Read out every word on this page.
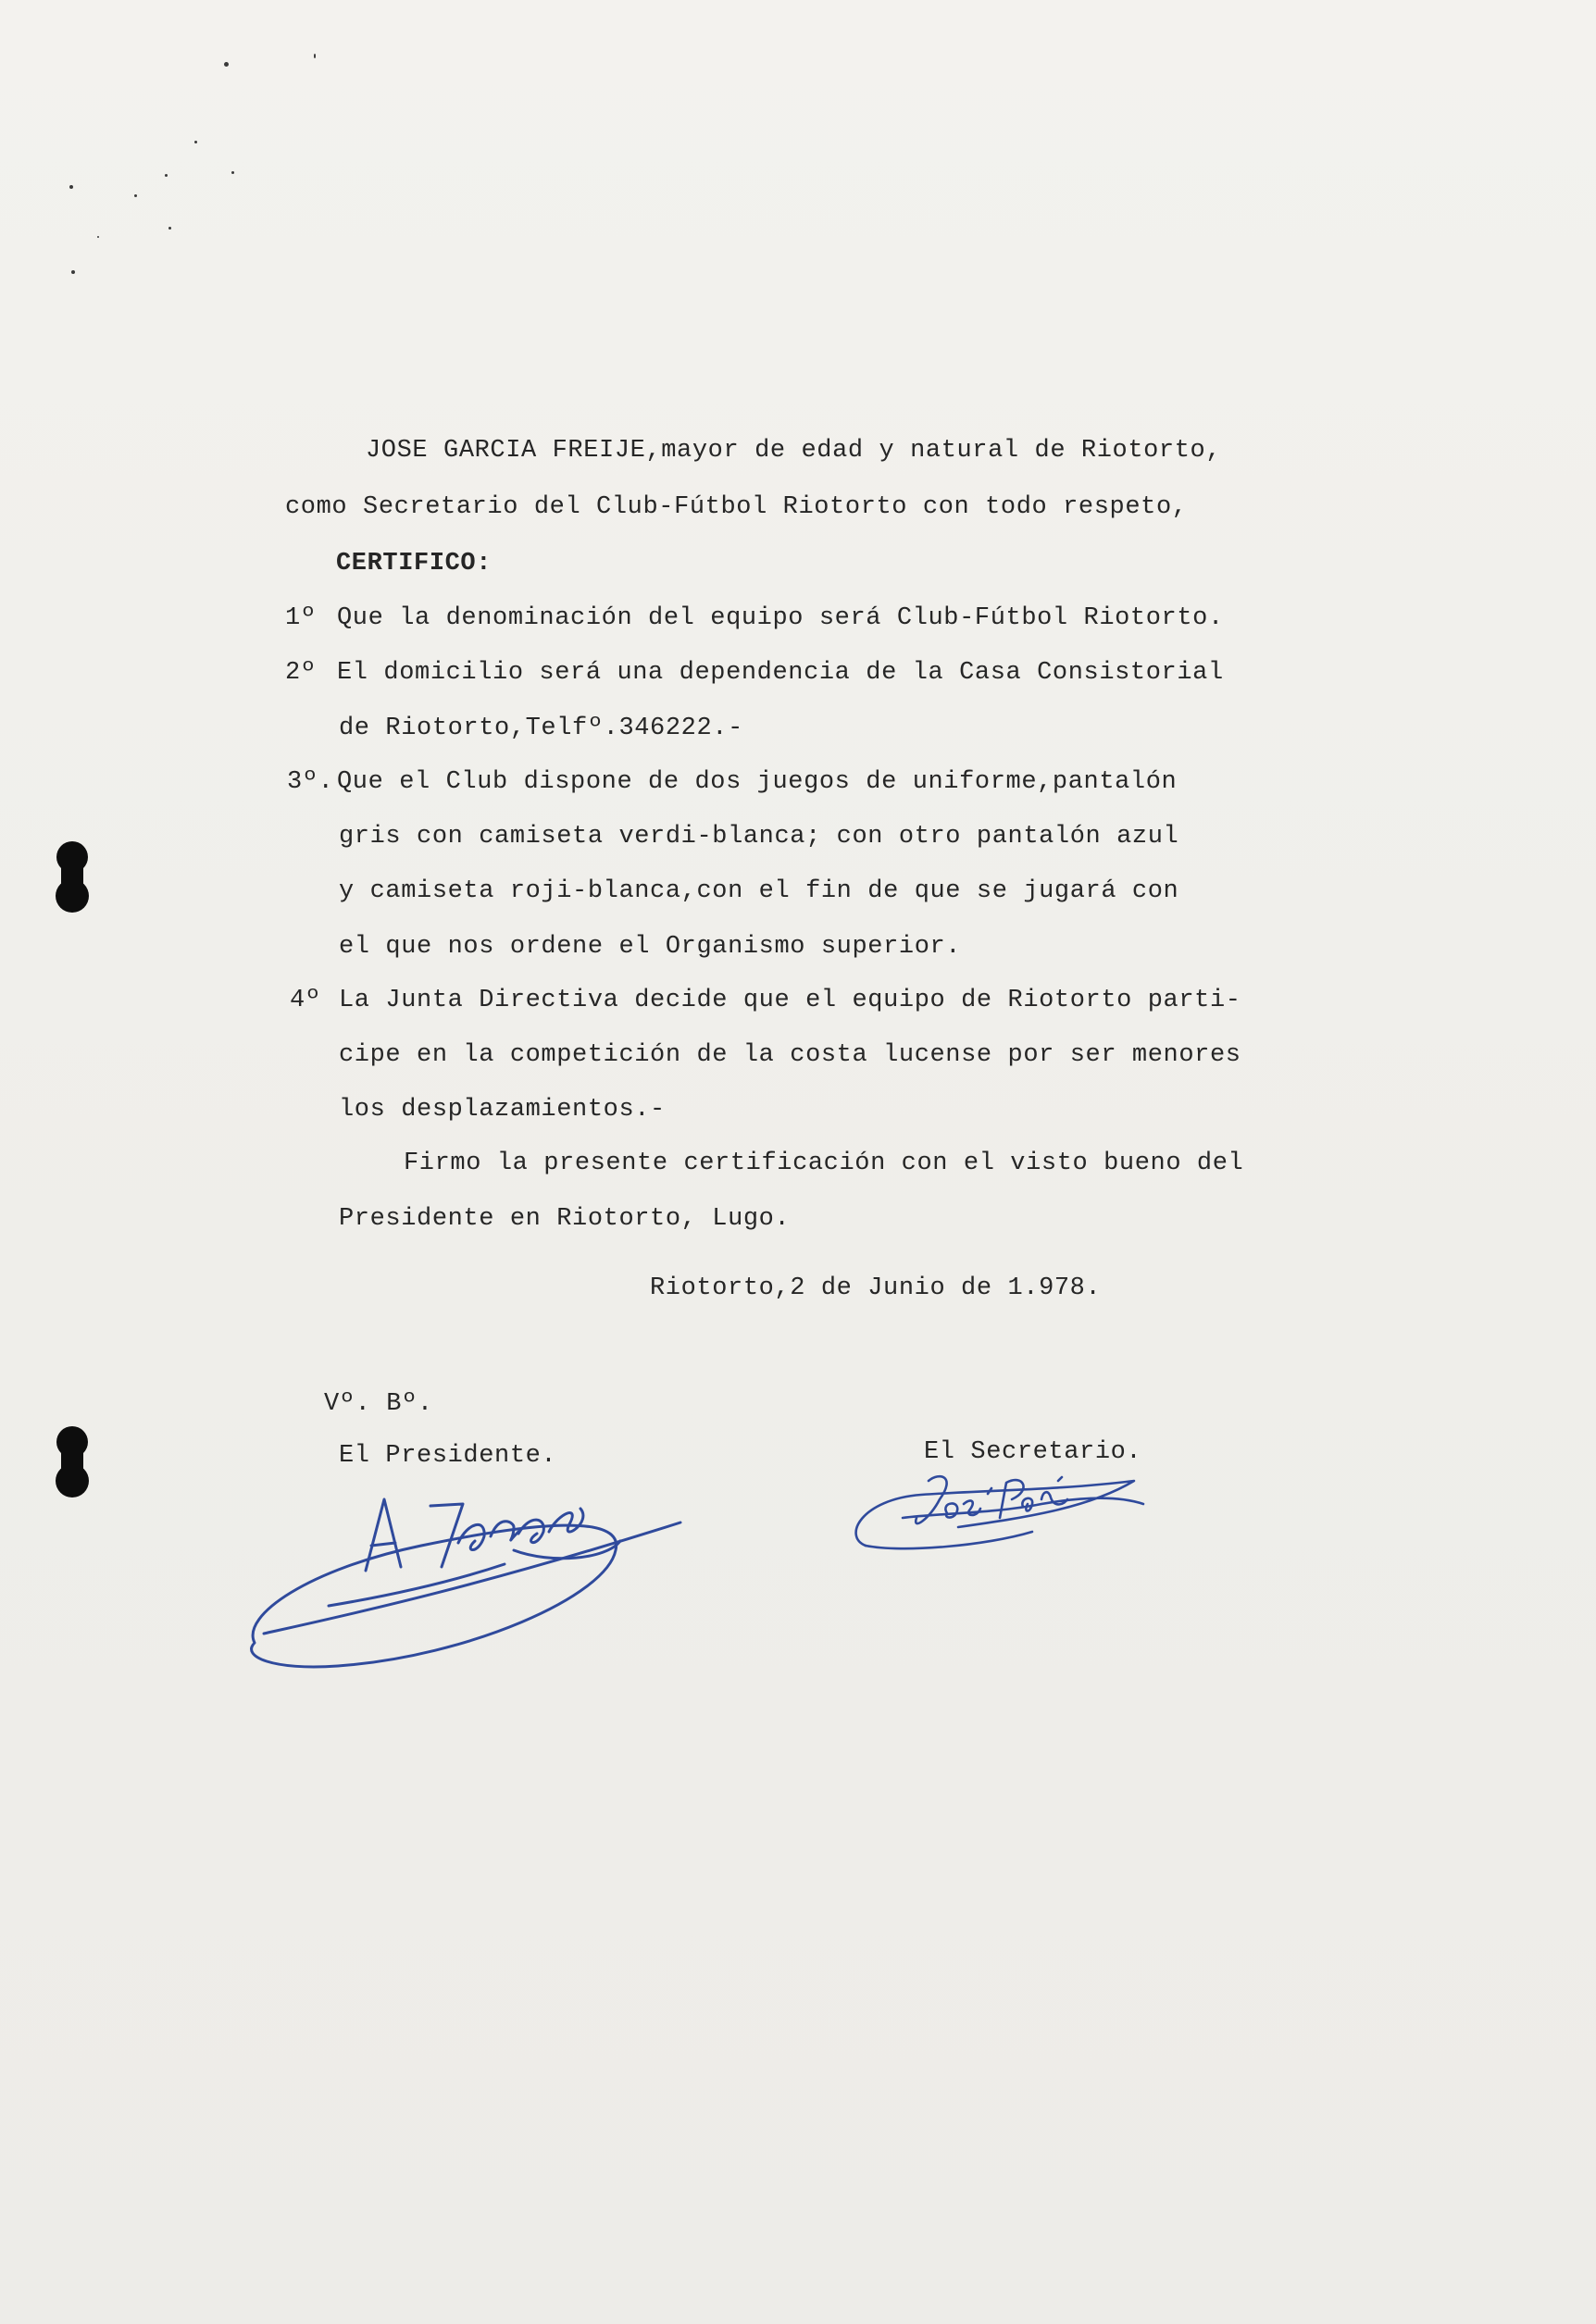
JOSE GARCIA FREIJE,mayor de edad y natural de Riotorto,
como Secretario del Club-Fútbol Riotorto con todo respeto,
CERTIFICO:
1º Que la denominación del equipo será Club-Fútbol Riotorto.
2º El domicilio será una dependencia de la Casa Consistorial
de Riotorto,Telfº.346222.-
3º. Que el Club dispone de dos juegos de uniforme,pantalón
gris con camiseta verdi-blanca; con otro pantalón azul
y camiseta roji-blanca,con el fin de que se jugará con
el que nos ordene el Organismo superior.
4º La Junta Directiva decide que el equipo de Riotorto parti-
cipe en la competición de la costa lucense por ser menores
los desplazamientos.-
Firmo la presente certificación con el visto bueno del
Presidente en Riotorto, Lugo.
Riotorto,2 de Junio de 1.978.
Vº. Bº.
El Presidente.	El Secretario.
